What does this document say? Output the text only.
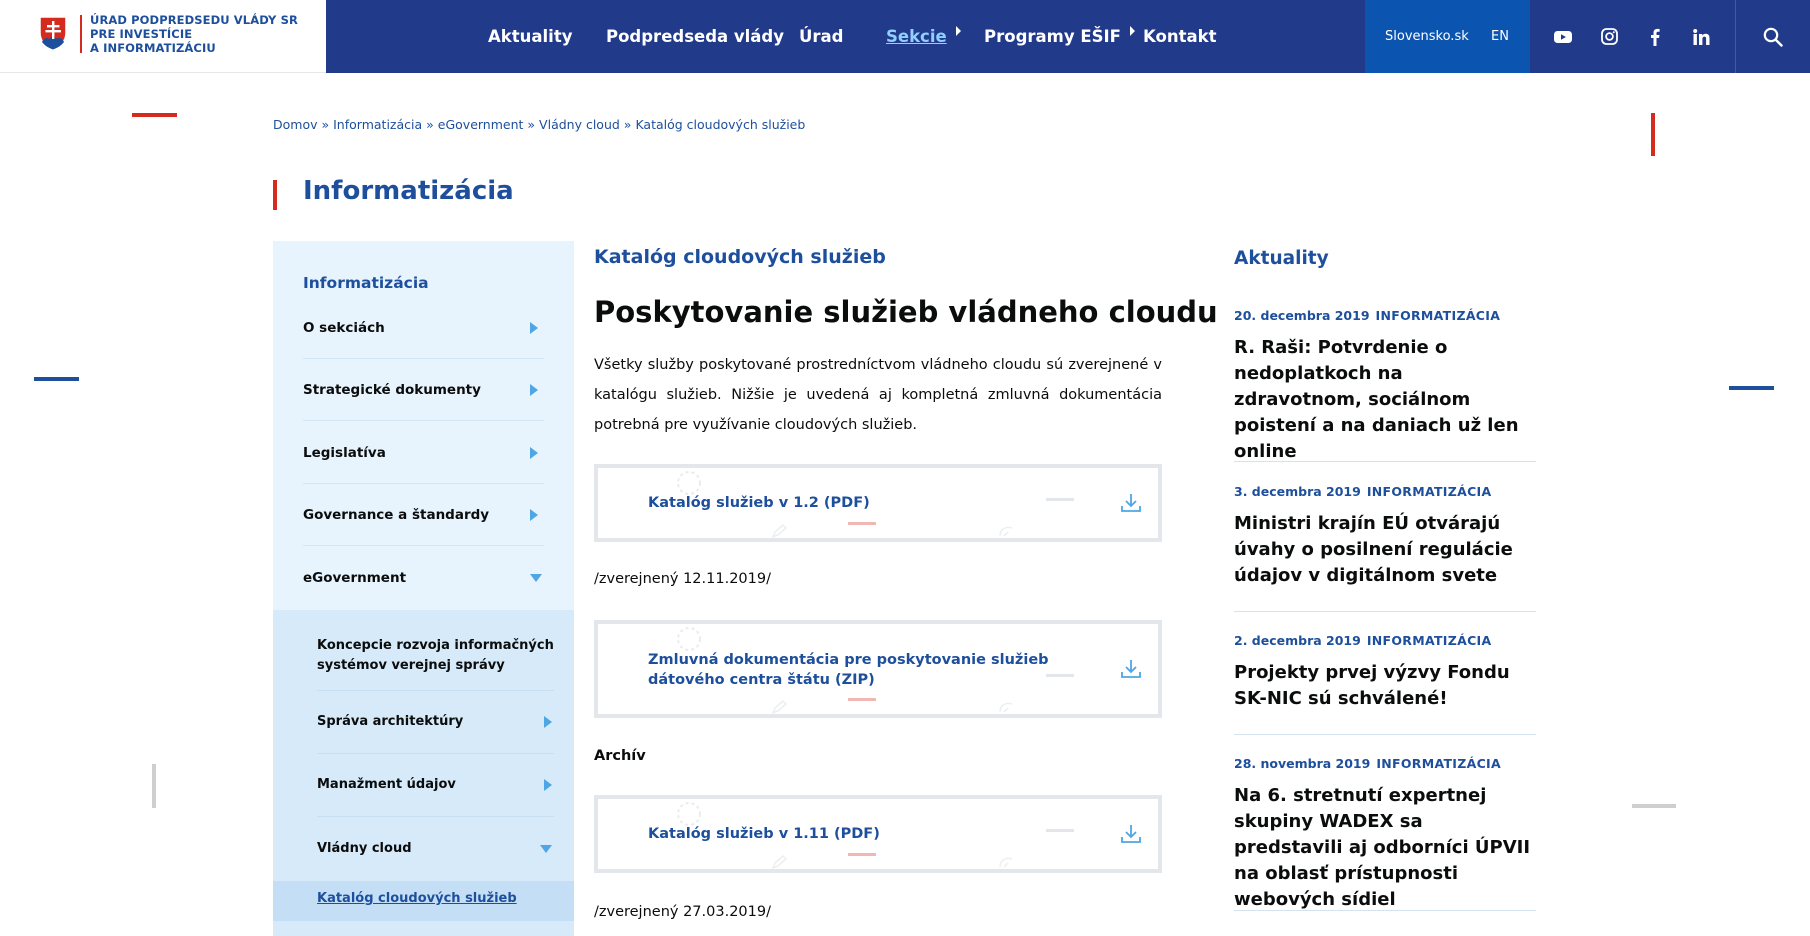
ÚRAD PODPREDSEDU VLÁDY SR
PRE INVESTÍCIE
A INFORMATIZÁCIU
Aktuality Podpredseda vlády Úrad	Sekcie Programy EŠIF Kontakt	Slovensko.sk EN
Domov » Informatizácia » eGovernment » Vládny cloud » Katalóg cloudových služieb
Informatizácia
Informatizácia
O sekciách
Strategické dokumenty
Legislatíva
Governance a štandardy
eGovernment
Koncepcie rozvoja informačných systémov verejnej správy
Správa architektúry
Manažment údajov
Vládny cloud
Katalóg cloudových služieb
Katalóg cloudových služieb
Poskytovanie služieb vládneho cloudu
Všetky služby poskytované prostredníctvom vládneho cloudu sú zverejnené v katalógu služieb. Nižšie je uvedená aj kompletná zmluvná dokumentácia potrebná pre využívanie cloudových služieb.
Katalóg služieb v 1.2 (PDF)
/zverejnený 12.11.2019/
Zmluvná dokumentácia pre poskytovanie služieb dátového centra štátu (ZIP)
Archív
Katalóg služieb v 1.11 (PDF)
/zverejnený 27.03.2019/
Aktuality
20. decembra 2019 INFORMATIZÁCIA
R. Raši: Potvrdenie o nedoplatkoch na zdravotnom, sociálnom poistení a na daniach už len online
3. decembra 2019 INFORMATIZÁCIA
Ministri krajín EÚ otvárajú úvahy o posilnení regulácie údajov v digitálnom svete
2. decembra 2019 INFORMATIZÁCIA
Projekty prvej výzvy Fondu SK-NIC sú schválené!
28. novembra 2019 INFORMATIZÁCIA
Na 6. stretnutí expertnej skupiny WADEX sa predstavili aj odborníci ÚPVII na oblasť prístupnosti webových sídiel
